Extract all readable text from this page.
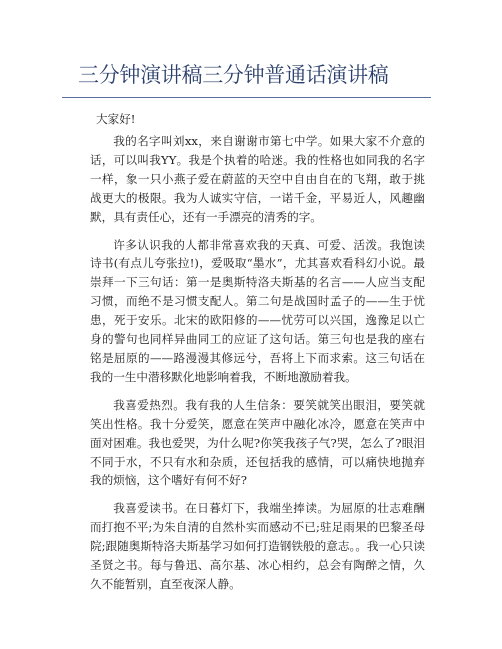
三分钟演讲稿三分钟普通话演讲稿
大家好!

我的名字叫刘xx，来自谢谢市第七中学。如果大家不介意的话，可以叫我YY。我是个执着的哈迷。我的性格也如同我的名字一样，象一只小燕子爱在蔚蓝的天空中自由自在的飞翔，敢于挑战更大的极限。我为人诚实守信，一诺千金，平易近人，风趣幽默，具有责任心，还有一手漂亮的清秀的字。

许多认识我的人都非常喜欢我的天真、可爱、活泼。我饱读诗书(有点儿夸张拉!)，爱吸取“墨水”，尤其喜欢看科幻小说。最崇拜一下三句话：第一是奥斯特洛夫斯基的名言——人应当支配习惯，而绝不是习惯支配人。第二句是战国时孟子的——生于忧患，死于安乐。北宋的欧阳修的——忧劳可以兴国，逸豫足以亡身的警句也同样异曲同工的应证了这句话。第三句也是我的座右铭是屈原的——路漫漫其修远兮，吾将上下而求索。这三句话在我的一生中潜移默化地影响着我，不断地激励着我。

我喜爱热烈。我有我的人生信条：要笑就笑出眼泪，要笑就笑出性格。我十分爱笑，愿意在笑声中融化冰冷，愿意在笑声中面对困难。我也爱哭，为什么呢?你笑我孩子气?哭，怎么了?眼泪不同于水，不只有水和杂质，还包括我的感情，可以痛快地抛弃我的烦恼，这个嗜好有何不好?

我喜爱读书。在日暮灯下，我端坐捧读。为屈原的壮志难酬而打抱不平;为朱自清的自然朴实而感动不已;驻足雨果的巴黎圣母院;跟随奥斯特洛夫斯基学习如何打造钢铁般的意志。。我一心只读圣贤之书。每与鲁迅、高尔基、冰心相约，总会有陶醉之情，久久不能暂别，直至夜深人静。
